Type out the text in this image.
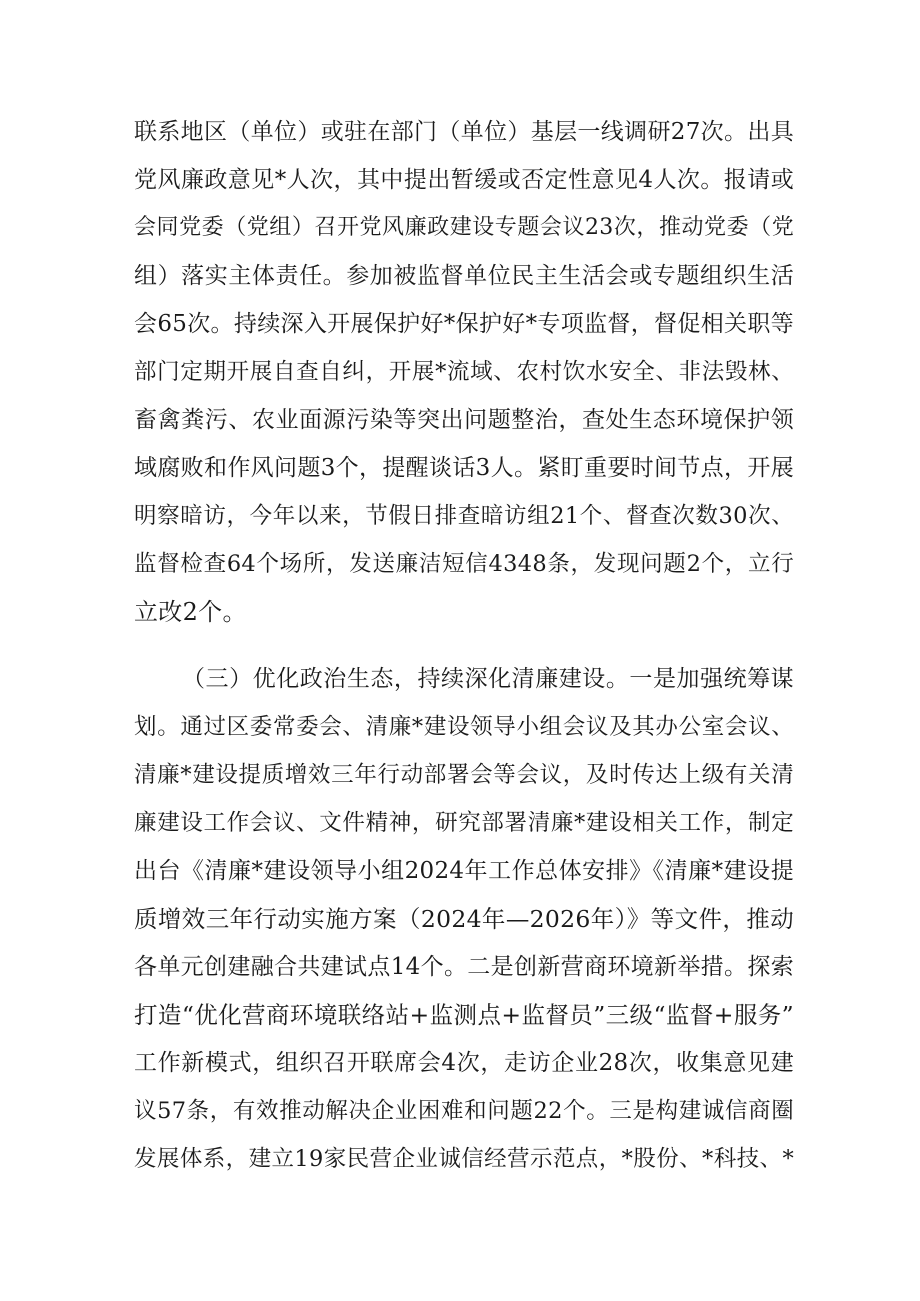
联系地区（单位）或驻在部门（单位）基层一线调研27次。出具
党风廉政意见*人次，其中提出暂缓或否定性意见4人次。报请或
会同党委（党组）召开党风廉政建设专题会议23次，推动党委（党
组）落实主体责任。参加被监督单位民主生活会或专题组织生活
会65次。持续深入开展保护好*保护好*专项监督，督促相关职等
部门定期开展自查自纠，开展*流域、农村饮水安全、非法毁林、
畜禽粪污、农业面源污染等突出问题整治，查处生态环境保护领
域腐败和作风问题3个，提醒谈话3人。紧盯重要时间节点，开展
明察暗访，今年以来，节假日排查暗访组21个、督查次数30次、
监督检查64个场所，发送廉洁短信4348条，发现问题2个，立行
立改2个。
（三）优化政治生态，持续深化清廉建设。一是加强统筹谋
划。通过区委常委会、清廉*建设领导小组会议及其办公室会议、
清廉*建设提质增效三年行动部署会等会议，及时传达上级有关清
廉建设工作会议、文件精神，研究部署清廉*建设相关工作，制定
出台《清廉*建设领导小组2024年工作总体安排》《清廉*建设提
质增效三年行动实施方案（2024年—2026年）》等文件，推动
各单元创建融合共建试点14个。二是创新营商环境新举措。探索
打造“优化营商环境联络站+监测点+监督员”三级“监督+服务”
工作新模式，组织召开联席会4次，走访企业28次，收集意见建
议57条，有效推动解决企业困难和问题22个。三是构建诚信商圈
发展体系，建立19家民营企业诚信经营示范点，*股份、*科技、*
